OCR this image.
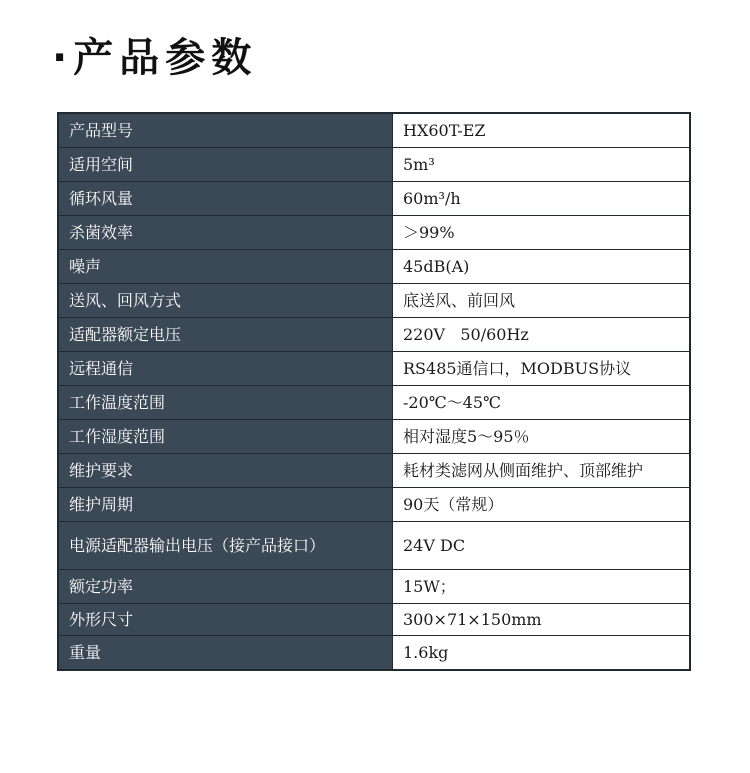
·产品参数
产品型号	HX60T-EZ
适用空间	5m³
循环风量	60m³/h
杀菌效率	＞99%
噪声	45dB(A)
送风、回风方式	底送风、前回风
适配器额定电压	220V   50/60Hz
远程通信	RS485通信口，MODBUS协议
工作温度范围	-20℃～45℃
工作湿度范围	相对湿度5～95％
维护要求	耗材类滤网从侧面维护、顶部维护
维护周期	90天（常规）
电源适配器输出电压（接产品接口）	24V DC
额定功率	15W；
外形尺寸	300×71×150mm
重量	1.6kg
